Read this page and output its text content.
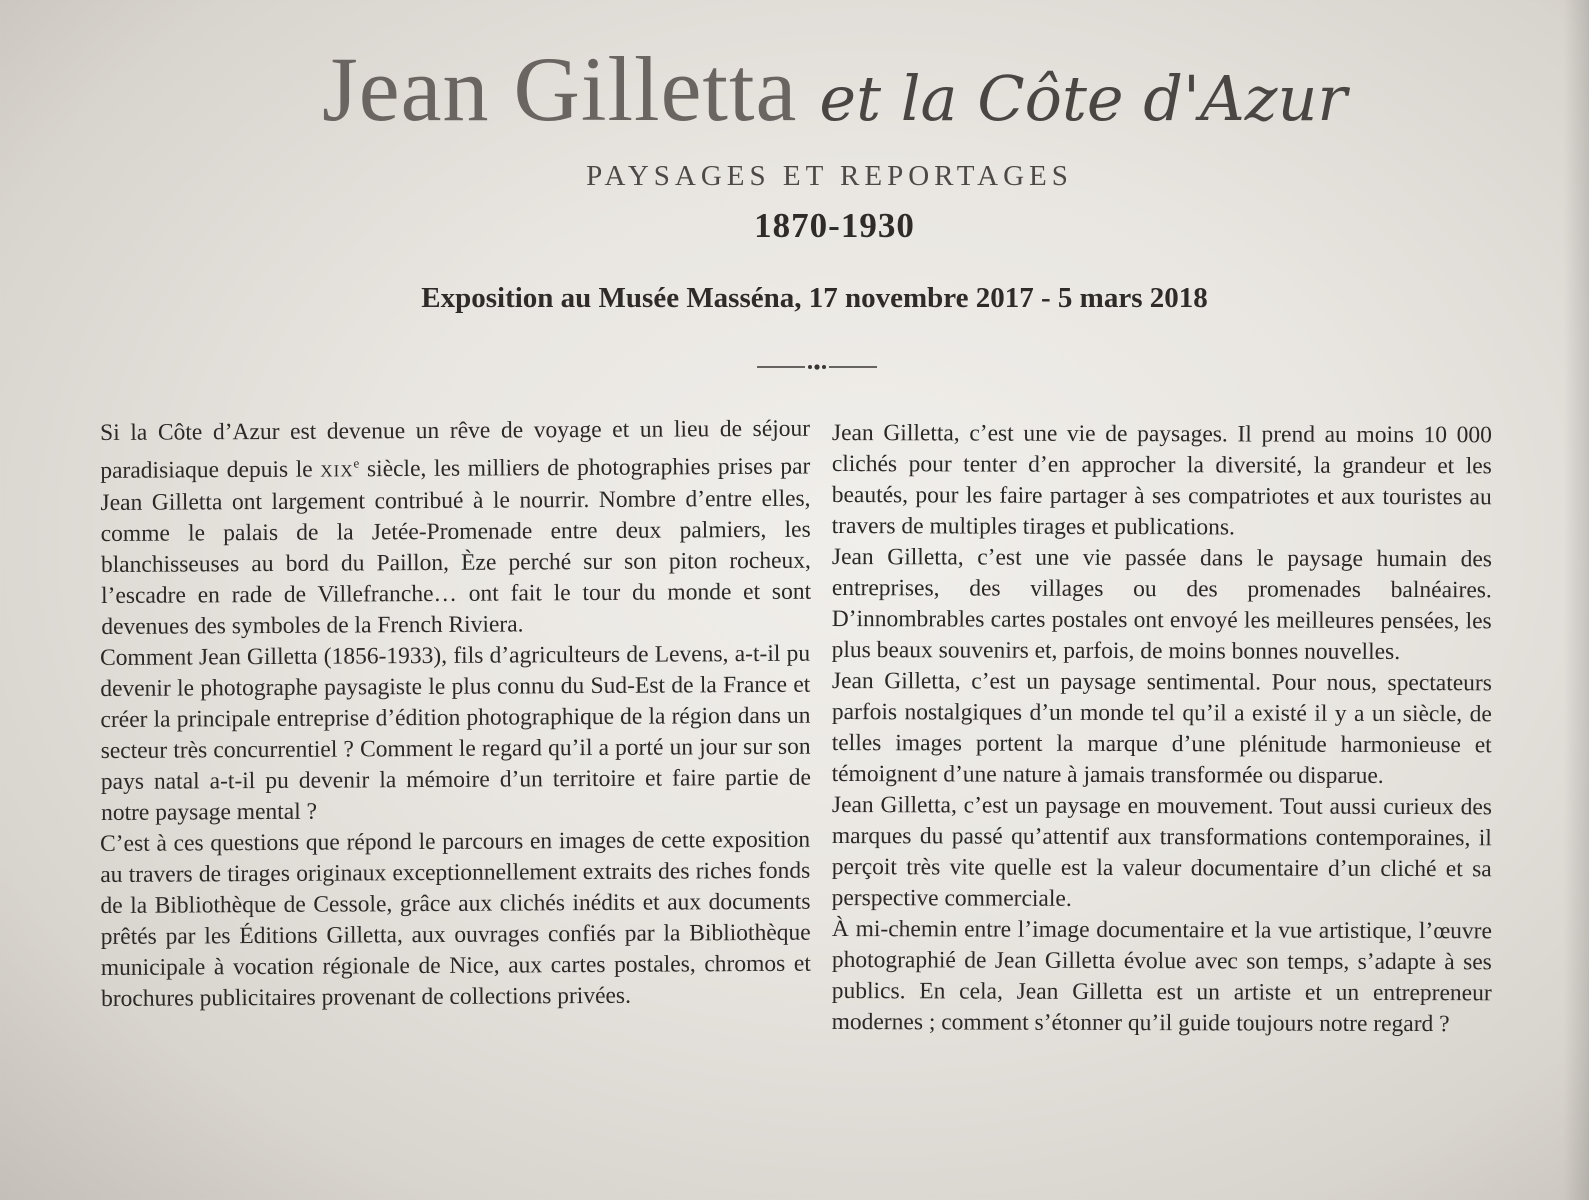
Jean Gilletta et la Côte d'Azur
PAYSAGES ET REPORTAGES
1870-1930
Exposition au Musée Masséna, 17 novembre 2017 - 5 mars 2018

Si la Côte d’Azur est devenue un rêve de voyage et un lieu de séjour paradisiaque depuis le XIXe siècle, les milliers de photographies prises par Jean Gilletta ont largement contribué à le nourrir. Nombre d’entre elles, comme le palais de la Jetée-Promenade entre deux palmiers, les blanchisseuses au bord du Paillon, Èze perché sur son piton rocheux, l’escadre en rade de Villefranche… ont fait le tour du monde et sont devenues des symboles de la French Riviera.

Comment Jean Gilletta (1856-1933), fils d’agriculteurs de Levens, a-t-il pu devenir le photographe paysagiste le plus connu du Sud-Est de la France et créer la principale entreprise d’édition photographique de la région dans un secteur très concurrentiel ? Comment le regard qu’il a porté un jour sur son pays natal a-t-il pu devenir la mémoire d’un territoire et faire partie de notre paysage mental ?

C’est à ces questions que répond le parcours en images de cette exposition au travers de tirages originaux exceptionnellement extraits des riches fonds de la Bibliothèque de Cessole, grâce aux clichés inédits et aux documents prêtés par les Éditions Gilletta, aux ouvrages confiés par la Bibliothèque municipale à vocation régionale de Nice, aux cartes postales, chromos et brochures publicitaires provenant de collections privées.

Jean Gilletta, c’est une vie de paysages. Il prend au moins 10 000 clichés pour tenter d’en approcher la diversité, la grandeur et les beautés, pour les faire partager à ses compatriotes et aux touristes au travers de multiples tirages et publications.

Jean Gilletta, c’est une vie passée dans le paysage humain des entreprises, des villages ou des promenades balnéaires. D’innombrables cartes postales ont envoyé les meilleures pensées, les plus beaux souvenirs et, parfois, de moins bonnes nouvelles.

Jean Gilletta, c’est un paysage sentimental. Pour nous, spectateurs parfois nostalgiques d’un monde tel qu’il a existé il y a un siècle, de telles images portent la marque d’une plénitude harmonieuse et témoignent d’une nature à jamais transformée ou disparue.

Jean Gilletta, c’est un paysage en mouvement. Tout aussi curieux des marques du passé qu’attentif aux transformations contemporaines, il perçoit très vite quelle est la valeur documentaire d’un cliché et sa perspective commerciale.

À mi-chemin entre l’image documentaire et la vue artistique, l’œuvre photographié de Jean Gilletta évolue avec son temps, s’adapte à ses publics. En cela, Jean Gilletta est un artiste et un entrepreneur modernes ; comment s’étonner qu’il guide toujours notre regard ?
